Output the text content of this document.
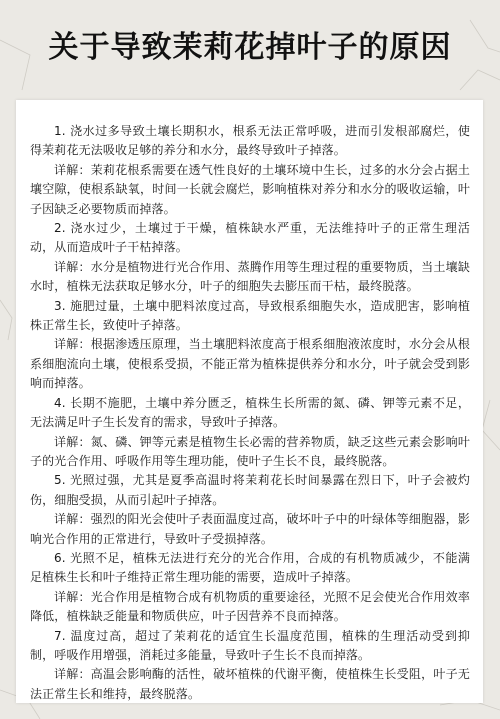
关于导致茉莉花掉叶子的原因

1. 浇水过多导致土壤长期积水，根系无法正常呼吸，进而引发根部腐烂，使得茉莉花无法吸收足够的养分和水分，最终导致叶子掉落。

详解：茉莉花根系需要在透气性良好的土壤环境中生长，过多的水分会占据土壤空隙，使根系缺氧，时间一长就会腐烂，影响植株对养分和水分的吸收运输，叶子因缺乏必要物质而掉落。

2. 浇水过少，土壤过于干燥，植株缺水严重，无法维持叶子的正常生理活动，从而造成叶子干枯掉落。

详解：水分是植物进行光合作用、蒸腾作用等生理过程的重要物质，当土壤缺水时，植株无法获取足够水分，叶子的细胞失去膨压而干枯，最终脱落。

3. 施肥过量，土壤中肥料浓度过高，导致根系细胞失水，造成肥害，影响植株正常生长，致使叶子掉落。

详解：根据渗透压原理，当土壤肥料浓度高于根系细胞液浓度时，水分会从根系细胞流向土壤，使根系受损，不能正常为植株提供养分和水分，叶子就会受到影响而掉落。

4. 长期不施肥，土壤中养分匮乏，植株生长所需的氮、磷、钾等元素不足，无法满足叶子生长发育的需求，导致叶子掉落。

详解：氮、磷、钾等元素是植物生长必需的营养物质，缺乏这些元素会影响叶子的光合作用、呼吸作用等生理功能，使叶子生长不良，最终脱落。

5. 光照过强，尤其是夏季高温时将茉莉花长时间暴露在烈日下，叶子会被灼伤，细胞受损，从而引起叶子掉落。

详解：强烈的阳光会使叶子表面温度过高，破坏叶子中的叶绿体等细胞器，影响光合作用的正常进行，导致叶子受损掉落。

6. 光照不足，植株无法进行充分的光合作用，合成的有机物质减少，不能满足植株生长和叶子维持正常生理功能的需要，造成叶子掉落。

详解：光合作用是植物合成有机物质的重要途径，光照不足会使光合作用效率降低，植株缺乏能量和物质供应，叶子因营养不良而掉落。

7. 温度过高，超过了茉莉花的适宜生长温度范围，植株的生理活动受到抑制，呼吸作用增强，消耗过多能量，导致叶子生长不良而掉落。

详解：高温会影响酶的活性，破坏植株的代谢平衡，使植株生长受阻，叶子无法正常生长和维持，最终脱落。
